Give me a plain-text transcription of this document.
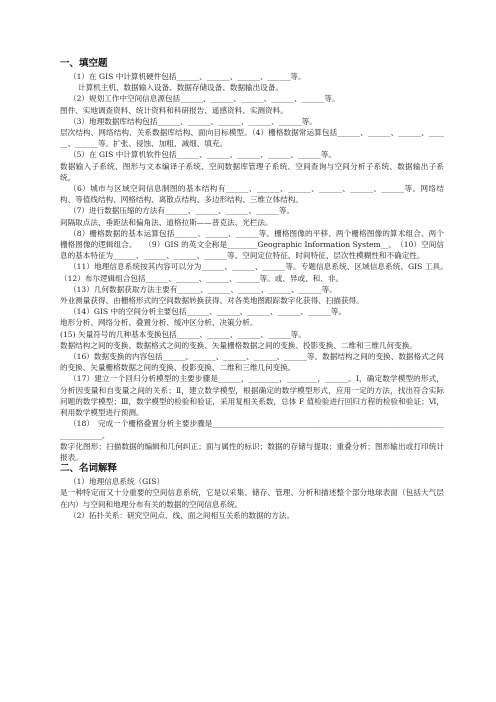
一、填空题

（1）在 GIS 中计算机硬件包括______、______、______、______等。

计算机主机、数据输入设备、数据存储设备、数据输出设备。

（2）规划工作中空间信息源包括______、______、______、______、______等。

图件、实地调查资料、统计资料和科研报告、遥感资料、实测资料。

（3）地理数据库结构包括______、______、______、______、______等。

层次结构、网络结构、关系数据库结构、面向目标模型。（4）栅格数据常运算包括______、______、______、______、______等。扩张、侵蚀、加粗、减细、填充。

（5）在 GIS 中计算机软件包括______、______、______、______、______等。

数据输入子系统、图形与文本编译子系统、空间数据库管理子系统、空间查询与空间分析子系统、数据输出子系统。

（6）城市与区域空间信息制图的基本结构有______、______、______、______、______、______等。网络结构、等值线结构、网格结构、离散点结构、多边形结构、三维立体结构。

（7）进行数据压缩的方法有______、______、______、______等。

间隔取点法、垂距法和偏角法、道格拉斯——普克法、光栏法。

（8）栅格数据的基本运算包括______、______、______等。栅格图像的平移、两个栅格图像的算术组合、两个栅格图像的逻辑组合。　　（9）GIS 的英文全称是________Geographic Information System__。　（10）空间信息的基本特征为______、______、______、______等。空间定位特征、时间特征、层次性模糊性和不确定性。

（11）地理信息系统按其内容可以分为______、______、______等。专题信息系统、区域信息系统、GIS 工具。　（12）布尔逻辑组合包括______、______、______、______等。或、异或、和、非。

（13）几何数据获取方法主要有______、______、______、______、______等。

外业测量获得、由栅格形式的空间数据转换获得、对各类地图跟踪数字化获得、扫描获得。

（14）GIS 中的空间分析主要包括______、______、______、______、______等。

地形分析、网络分析、叠置分析、缓冲区分析、决策分析。

(15) 矢量符号的几种基本变换包括______、______、______、______等。

数据结构之间的变换、数据格式之间的变换、矢量栅格数据之间的变换、投影变换、二维和三维几何变换。

（16）数据变换的内容包括______、______、______、______、______等。数据结构之间的变换、数据格式之间的变换、矢量栅格数据之间的变换、投影变换、二维和三维几何变换。

（17）建立一个回归分析模型的主要步骤是______，________，________，______。Ⅰ，确定数学模型的形式，分析因变量和自变量之间的关系；Ⅱ，建立数学模型，根据确定的数学模型形式，应用一定的方法，找出符合实际问题的数学模型；Ⅲ，数学模型的检验和验证，采用复相关系数，总体 F 值检验进行回归方程的检验和验证；Ⅵ，利用数学模型进行预测。

（18）　完成一个栅格叠置分析主要步骤是________________________________________________________________________。

数字化图形；扫描数据的编辑和几何纠正；面与属性的标识；数据的存储与提取；重叠分析；图形输出或打印统计报表。

二、名词解释

（1）地理信息系统（GIS）

是一种特定而又十分重要的空间信息系统，它是以采集、储存、管理、分析和描述整个部分地球表面（包括大气层在内）与空间和地理分布有关的数据的空间信息系统。

（2）拓扑关系：研究空间点、线、面之间相互关系的数据的方法。
